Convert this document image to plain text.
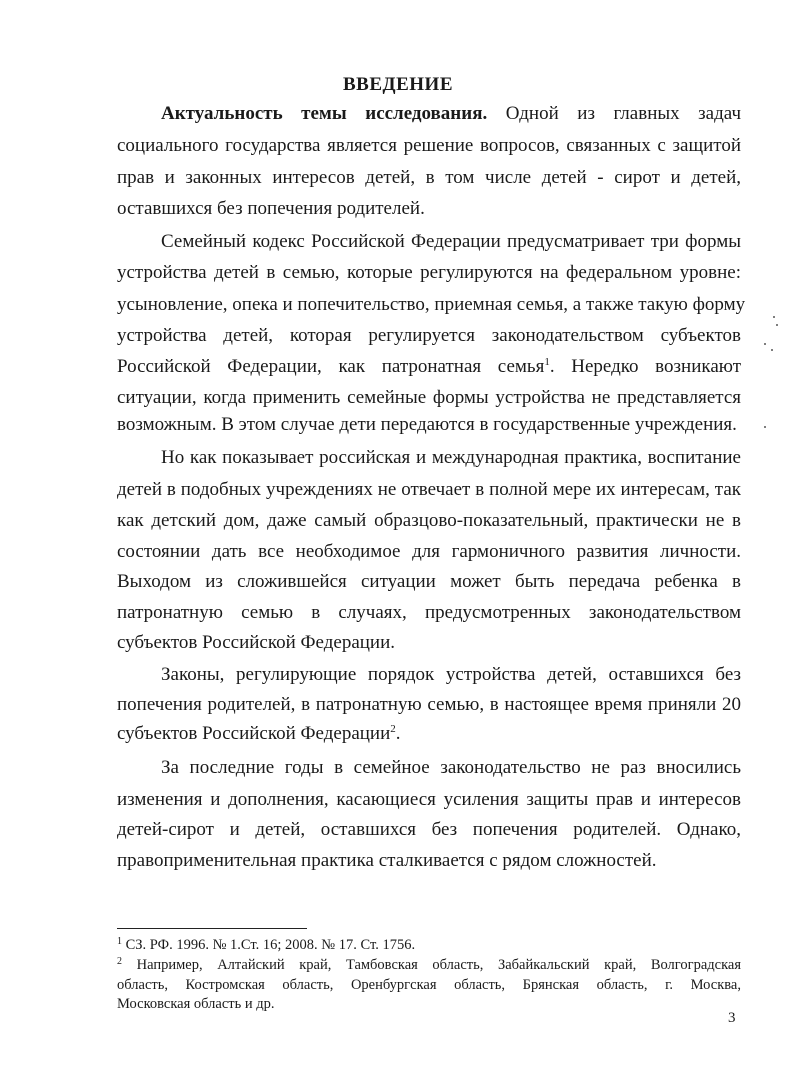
ВВЕДЕНИЕ
Актуальность темы исследования. Одной из главных задач
социального государства является решение вопросов, связанных с защитой
прав и законных интересов детей, в том числе детей - сирот и детей,
оставшихся без попечения родителей.
Семейный кодекс Российской Федерации предусматривает три формы
устройства детей в семью, которые регулируются на федеральном уровне:
усыновление, опека и попечительство, приемная семья, а также такую форму
устройства детей, которая регулируется законодательством субъектов
Российской Федерации, как патронатная семья$^1$. Нередко возникают
ситуации, когда применить семейные формы устройства не представляется
возможным. В этом случае дети передаются в государственные учреждения.
Но как показывает российская и международная практика, воспитание
детей в подобных учреждениях не отвечает в полной мере их интересам, так
как детский дом, даже самый образцово-показательный, практически не в
состоянии дать все необходимое для гармоничного развития личности.
Выходом из сложившейся ситуации может быть передача ребенка в
патронатную семью в случаях, предусмотренных законодательством
субъектов Российской Федерации.
Законы, регулирующие порядок устройства детей, оставшихся без
попечения родителей, в патронатную семью, в настоящее время приняли 20
субъектов Российской Федерации$^2$.
За последние годы в семейное законодательство не раз вносились
изменения и дополнения, касающиеся усиления защиты прав и интересов
детей-сирот и детей, оставшихся без попечения родителей. Однако,
правоприменительная практика сталкивается с рядом сложностей.
$^1$ СЗ. РФ. 1996. № 1.Ст. 16; 2008. № 17. Ст. 1756.
$^2$ Например, Алтайский край, Тамбовская область, Забайкальский край, Волгоградская
область, Костромская область, Оренбургская область, Брянская область, г. Москва,
Московская область и др.
3
